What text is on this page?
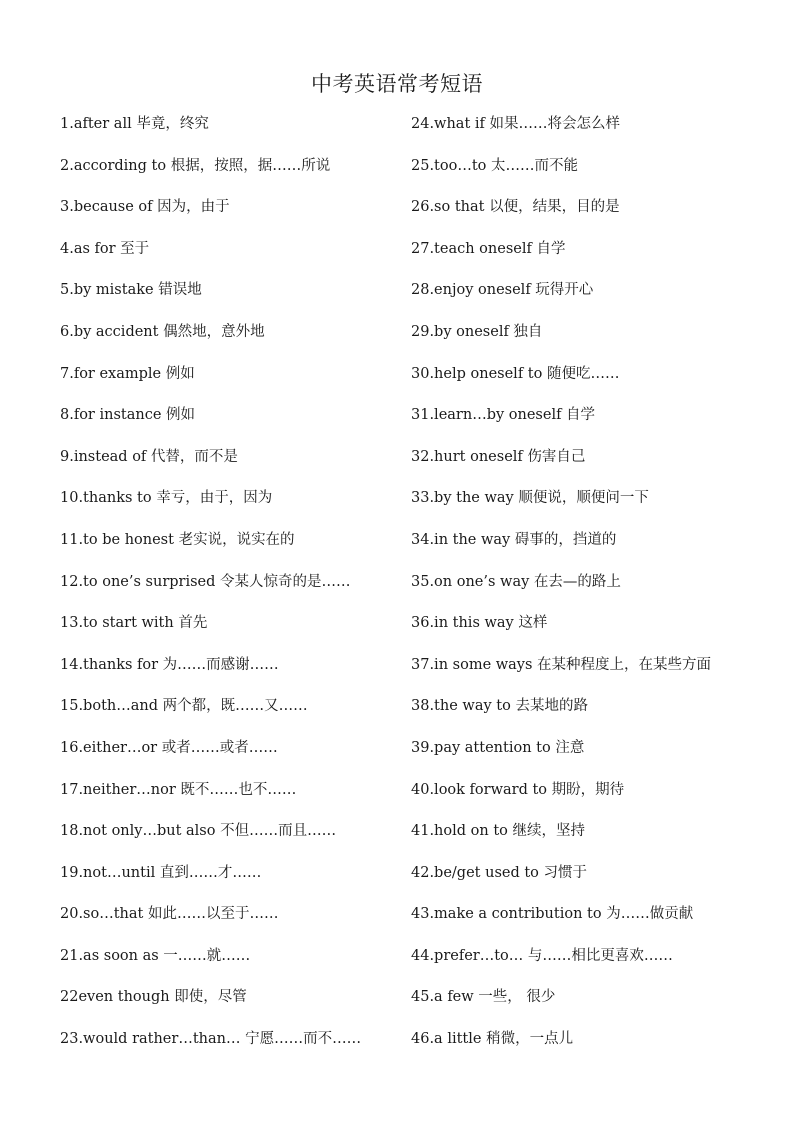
中考英语常考短语
1.after all 毕竟，终究
2.according to 根据，按照，据……所说
3.because of 因为，由于
4.as for 至于
5.by mistake 错误地
6.by accident 偶然地，意外地
7.for example 例如
8.for instance 例如
9.instead of 代替，而不是
10.thanks to 幸亏，由于，因为
11.to be honest 老实说，说实在的
12.to one’s surprised 令某人惊奇的是……
13.to start with 首先
14.thanks for 为……而感谢……
15.both…and 两个都，既……又……
16.either…or 或者……或者……
17.neither…nor 既不……也不……
18.not only…but also 不但……而且……
19.not…until 直到……才……
20.so…that 如此……以至于……
21.as soon as 一……就……
22even though 即使，尽管
23.would rather…than… 宁愿……而不……
24.what if 如果……将会怎么样
25.too…to 太……而不能
26.so that 以便，结果，目的是
27.teach oneself 自学
28.enjoy oneself 玩得开心
29.by oneself 独自
30.help oneself to 随便吃……
31.learn…by oneself 自学
32.hurt oneself 伤害自己
33.by the way 顺便说，顺便问一下
34.in the way 碍事的，挡道的
35.on one’s way 在去—的路上
36.in this way 这样
37.in some ways 在某种程度上，在某些方面
38.the way to 去某地的路
39.pay attention to 注意
40.look forward to 期盼，期待
41.hold on to 继续，坚持
42.be/get used to 习惯于
43.make a contribution to 为……做贡献
44.prefer…to… 与……相比更喜欢……
45.a few 一些， 很少
46.a little 稍微，一点儿
